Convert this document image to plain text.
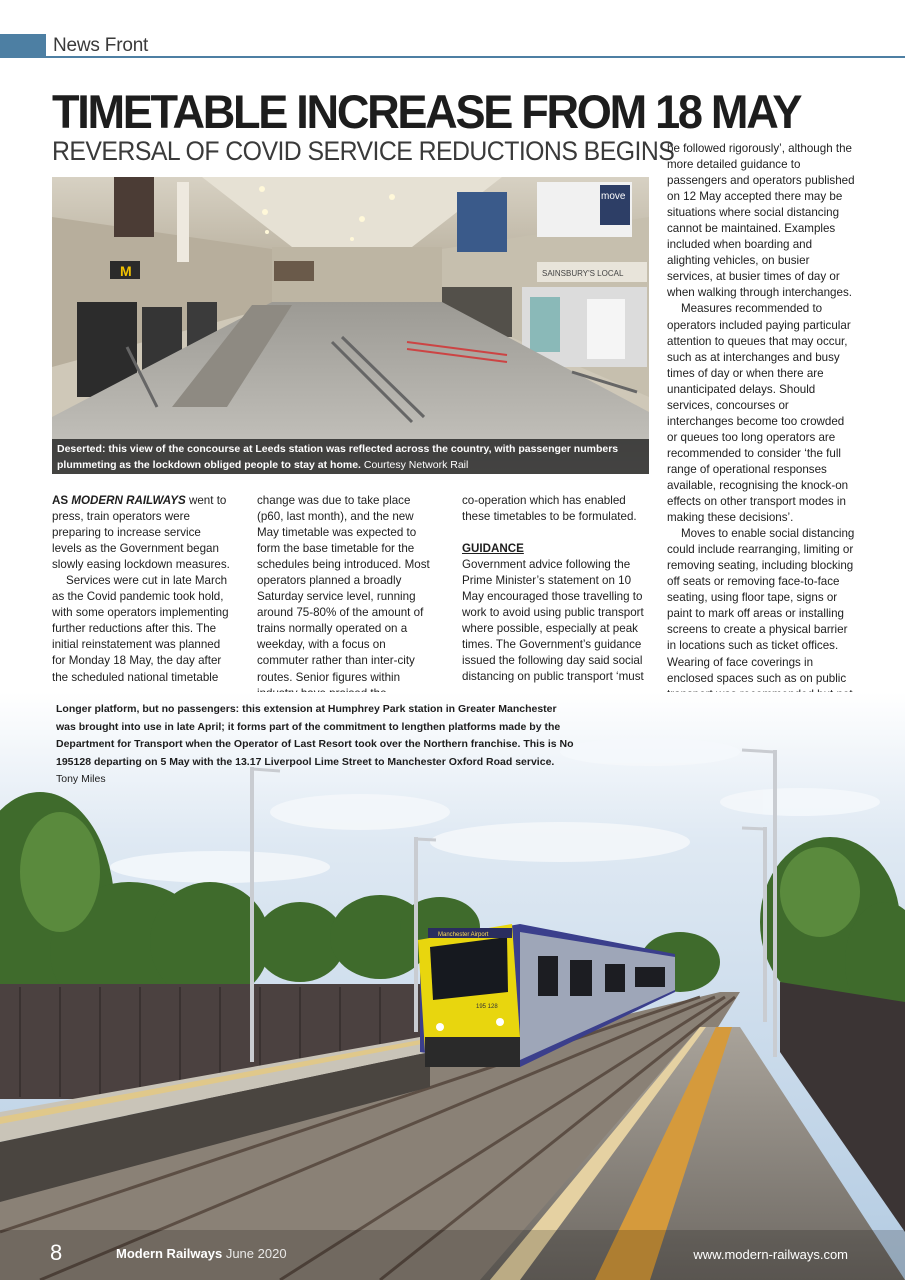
News Front
TIMETABLE INCREASE FROM 18 MAY
REVERSAL OF COVID SERVICE REDUCTIONS BEGINS
M
move
SAINSBURY'S LOCAL
Deserted: this view of the concourse at Leeds station was reflected across the country, with passenger numbers plummeting as the lockdown obliged people to stay at home. Courtesy Network Rail

AS MODERN RAILWAYS went to press, train operators were preparing to increase service levels as the Government began slowly easing lockdown measures.

Services were cut in late March as the Covid pandemic took hold, with some operators implementing further reductions after this. The initial reinstatement was planned for Monday 18 May, the day after the scheduled national timetable

change was due to take place (p60, last month), and the new May timetable was expected to form the base timetable for the schedules being introduced. Most operators planned a broadly Saturday service level, running around 75-80% of the amount of trains normally operated on a weekday, with a focus on commuter rather than inter-city routes. Senior figures within

co-operation which has enabled these timetables to be formulated.

GUIDANCE

Government advice following the Prime Minister’s statement on 10 May encouraged those travelling to work to avoid using public transport where possible, especially at peak times. The Government’s guidance issued the following day said social distancing on public transport ‘must

be followed rigorously’, although the more detailed guidance to passengers and operators published on 12 May accepted there may be situations where social distancing cannot be maintained. Examples included when boarding and alighting vehicles, on busier services, at busier times of day or when walking through interchanges.

Measures recommended to operators included paying particular attention to queues that may occur, such as at interchanges and busy times of day or when there are unanticipated delays. Should services, concourses or interchanges become too crowded or queues too long operators are recommended to consider ‘the full range of operational responses available, recognising the knock-on effects on other transport modes in making these decisions’.

Moves to enable social distancing could include rearranging, limiting or removing seating, including blocking off seats or removing face-to-face seating, using floor tape, signs or paint to mark off areas or installing screens to create a physical barrier in locations such as ticket offices. Wearing of face coverings in enclosed spaces such as on public

Manchester Airport
195 128
Longer platform, but no passengers: this extension at Humphrey Park station in Greater Manchester was brought into use in late April; it forms part of the commitment to lengthen platforms made by the Department for Transport when the Operator of Last Resort took over the Northern franchise. This is No 195128 departing on 5 May with the 13.17 Liverpool Lime Street to Manchester Oxford Road service. Tony Miles
8	Modern Railways June 2020	www.modern-railways.com
